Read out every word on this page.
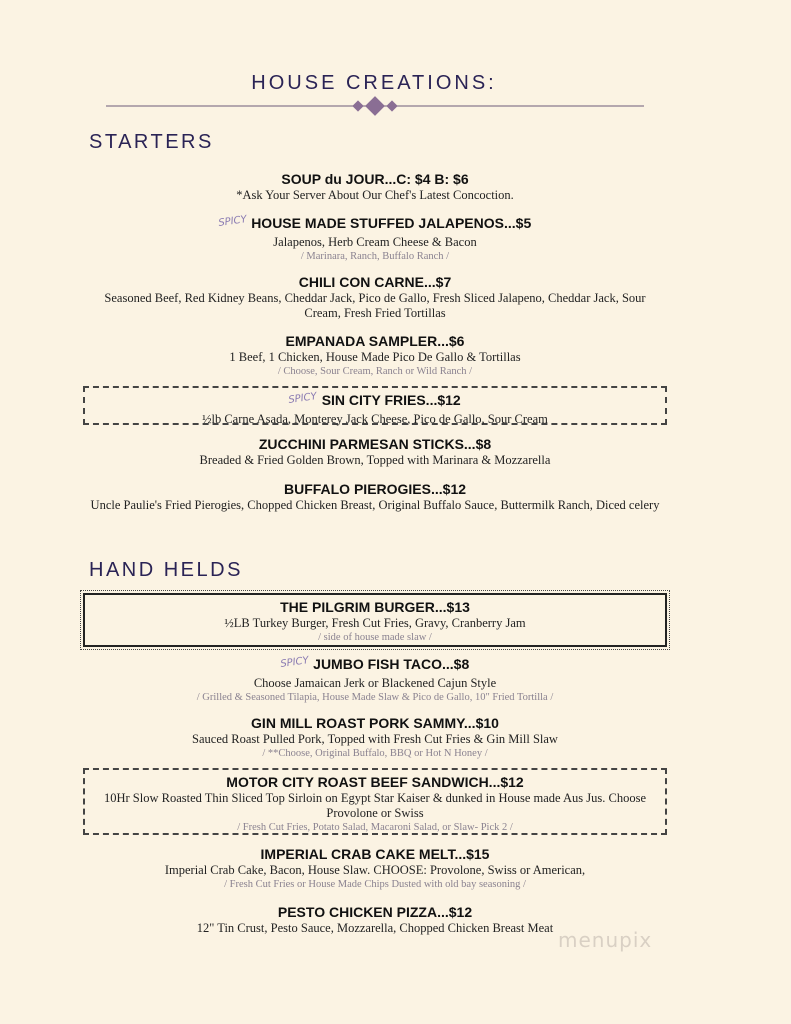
HOUSE CREATIONS:
STARTERS
SOUP du JOUR...C: $4 B: $6
*Ask Your Server About Our Chef's Latest Concoction.
SPICY HOUSE MADE STUFFED JALAPENOS...$5
Jalapenos, Herb Cream Cheese & Bacon
/ Marinara, Ranch, Buffalo Ranch /
CHILI CON CARNE...$7
Seasoned Beef, Red Kidney Beans, Cheddar Jack, Pico de Gallo, Fresh Sliced Jalapeno, Cheddar Jack, Sour Cream, Fresh Fried Tortillas
EMPANADA SAMPLER...$6
1 Beef, 1 Chicken, House Made Pico De Gallo & Tortillas
/ Choose, Sour Cream, Ranch or Wild Ranch /
SPICY SIN CITY FRIES...$12
½lb Carne Asada, Monterey Jack Cheese, Pico de Gallo, Sour Cream
ZUCCHINI PARMESAN STICKS...$8
Breaded & Fried Golden Brown, Topped with Marinara & Mozzarella
BUFFALO PIEROGIES...$12
Uncle Paulie's Fried Pierogies, Chopped Chicken Breast, Original Buffalo Sauce, Buttermilk Ranch, Diced celery
HAND HELDS
THE PILGRIM BURGER...$13
½LB Turkey Burger, Fresh Cut Fries, Gravy, Cranberry Jam
/ side of house made slaw /
SPICY JUMBO FISH TACO...$8
Choose Jamaican Jerk or Blackened Cajun Style
/ Grilled & Seasoned Tilapia, House Made Slaw & Pico de Gallo, 10" Fried Tortilla /
GIN MILL ROAST PORK SAMMY...$10
Sauced Roast Pulled Pork, Topped with Fresh Cut Fries & Gin Mill Slaw
/ **Choose, Original Buffalo, BBQ or Hot N Honey /
MOTOR CITY ROAST BEEF SANDWICH...$12
10Hr Slow Roasted Thin Sliced Top Sirloin on Egypt Star Kaiser & dunked in House made Aus Jus. Choose Provolone or Swiss
/ Fresh Cut Fries, Potato Salad, Macaroni Salad, or Slaw- Pick 2 /
IMPERIAL CRAB CAKE MELT...$15
Imperial Crab Cake, Bacon, House Slaw. CHOOSE: Provolone, Swiss or American,
/ Fresh Cut Fries or House Made Chips Dusted with old bay seasoning /
PESTO CHICKEN PIZZA...$12
12" Tin Crust, Pesto Sauce, Mozzarella, Chopped Chicken Breast Meat menupix
